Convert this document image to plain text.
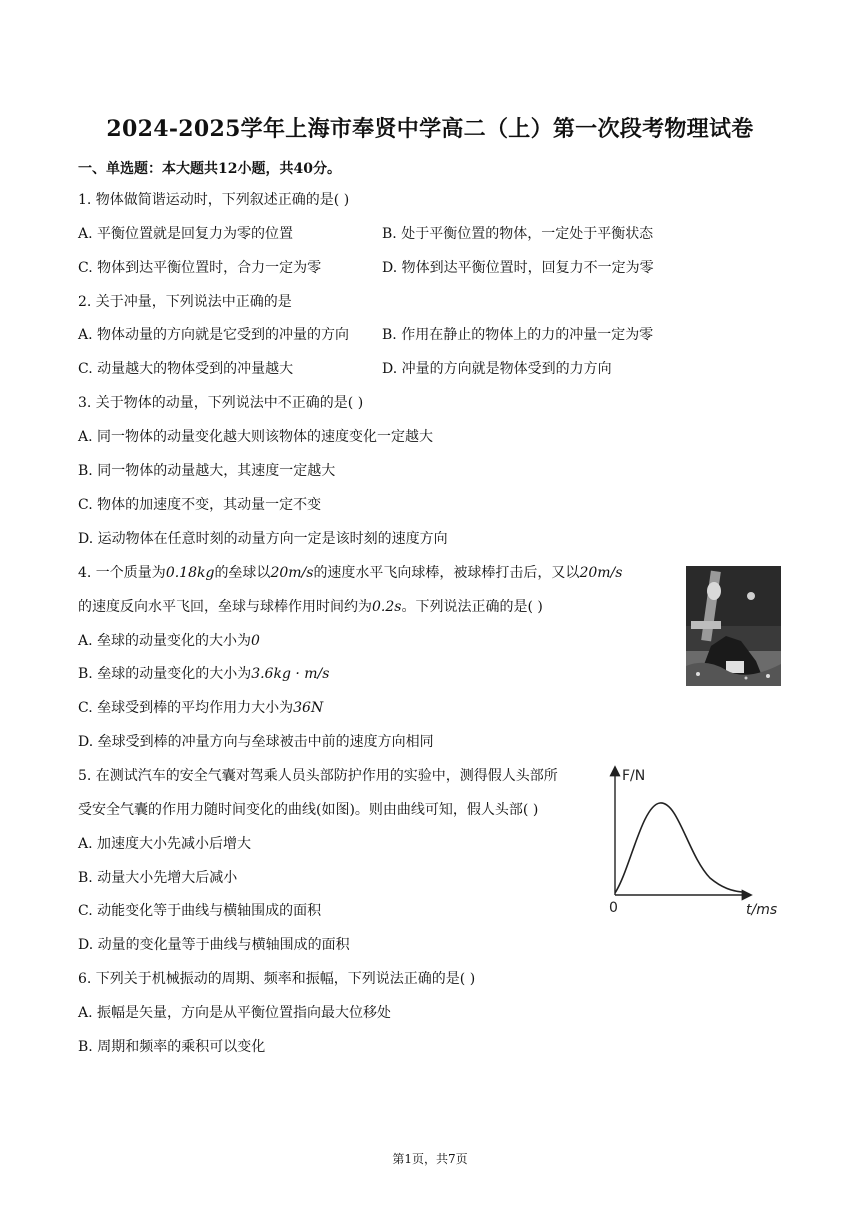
2024-2025学年上海市奉贤中学高二（上）第一次段考物理试卷
一、单选题：本大题共12小题，共40分。
1. 物体做简谐运动时，下列叙述正确的是( )
A. 平衡位置就是回复力为零的位置	B. 处于平衡位置的物体，一定处于平衡状态
C. 物体到达平衡位置时，合力一定为零	D. 物体到达平衡位置时，回复力不一定为零
2. 关于冲量，下列说法中正确的是
A. 物体动量的方向就是它受到的冲量的方向 B. 作用在静止的物体上的力的冲量一定为零
C. 动量越大的物体受到的冲量越大	D. 冲量的方向就是物体受到的力方向
3. 关于物体的动量，下列说法中不正确的是( )
A. 同一物体的动量变化越大则该物体的速度变化一定越大
B. 同一物体的动量越大，其速度一定越大
C. 物体的加速度不变，其动量一定不变
D. 运动物体在任意时刻的动量方向一定是该时刻的速度方向
4. 一个质量为0.18kg的垒球以20m/s的速度水平飞向球棒，被球棒打击后，又以20m/s
的速度反向水平飞回，垒球与球棒作用时间约为0.2s。下列说法正确的是( )
A. 垒球的动量变化的大小为0
B. 垒球的动量变化的大小为3.6kg · m/s
C. 垒球受到棒的平均作用力大小为36N
D. 垒球受到棒的冲量方向与垒球被击中前的速度方向相同
5. 在测试汽车的安全气囊对驾乘人员头部防护作用的实验中，测得假人头部所
受安全气囊的作用力随时间变化的曲线(如图)。则由曲线可知，假人头部( )
A. 加速度大小先减小后增大
B. 动量大小先增大后减小
C. 动能变化等于曲线与横轴围成的面积
D. 动量的变化量等于曲线与横轴围成的面积
F/N
t/ms
0
6. 下列关于机械振动的周期、频率和振幅，下列说法正确的是( )
A. 振幅是矢量，方向是从平衡位置指向最大位移处
B. 周期和频率的乘积可以变化
第1页，共7页
